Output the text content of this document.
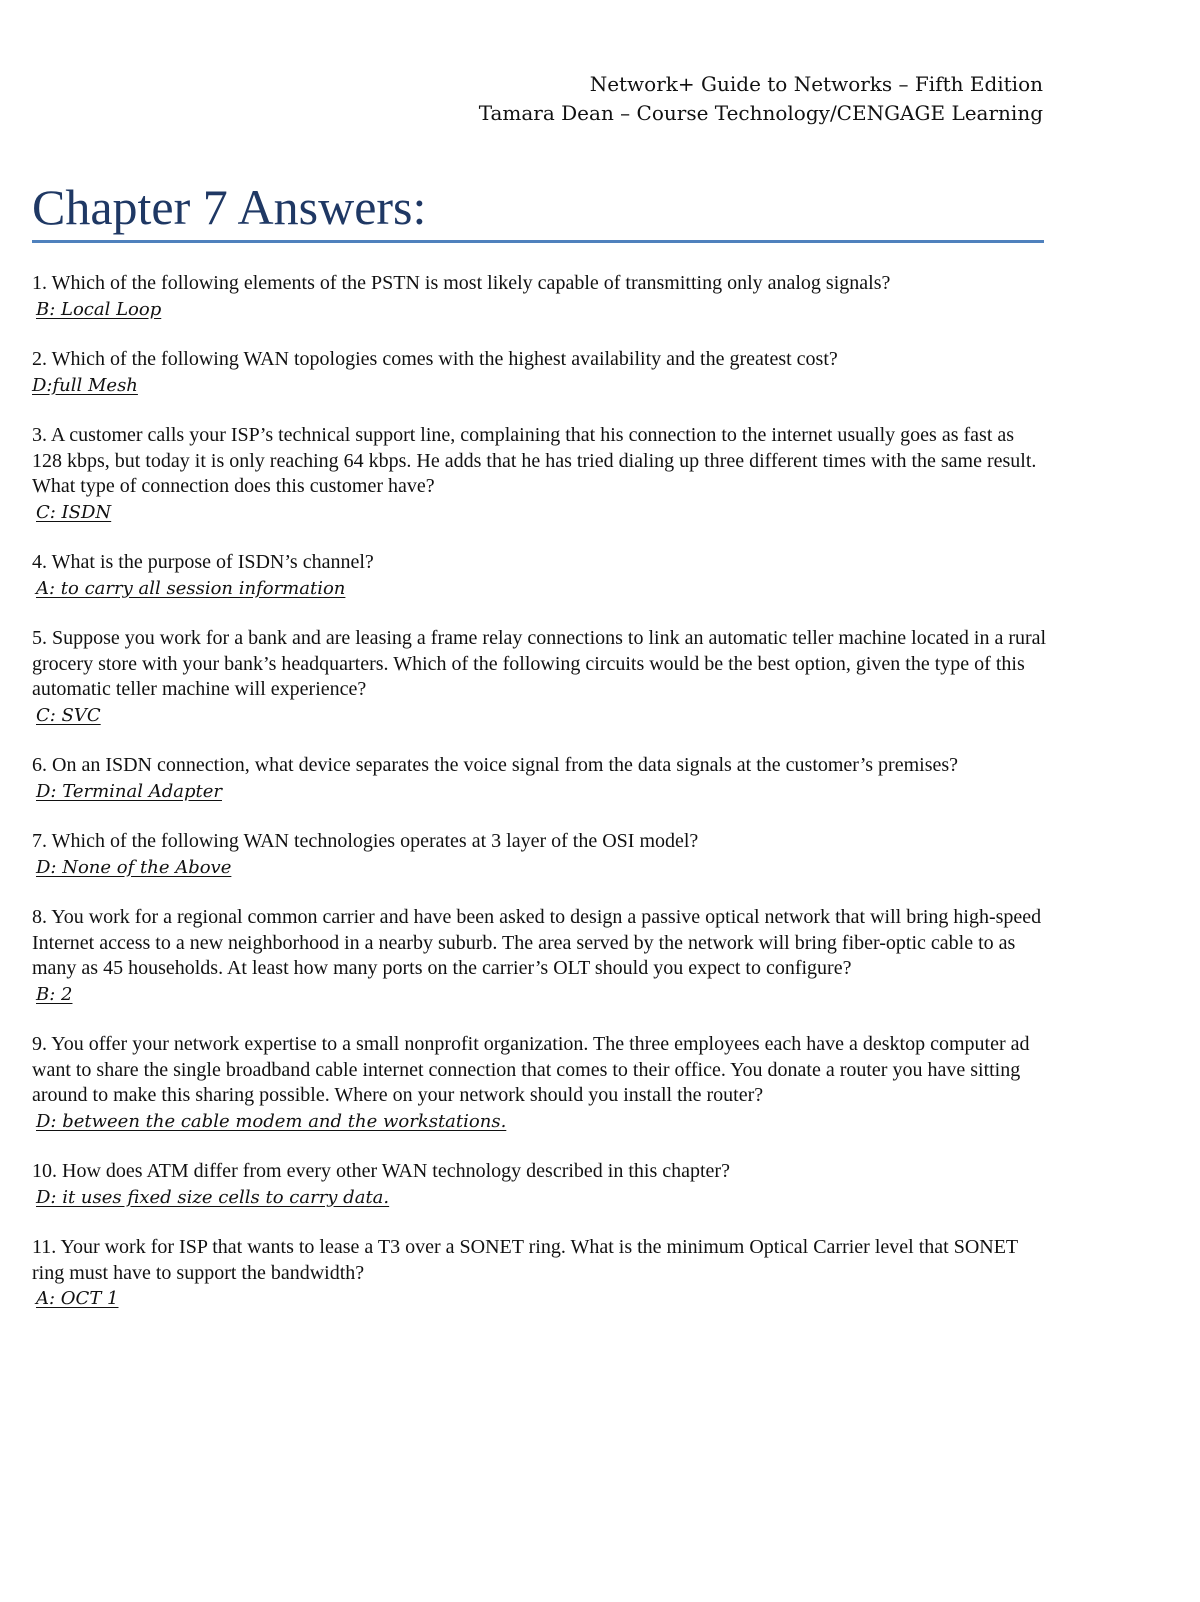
Network+ Guide to Networks – Fifth Edition
Tamara Dean – Course Technology/CENGAGE Learning
Chapter 7 Answers:
1. Which of the following elements of the PSTN is most likely capable of transmitting only analog signals?
B: Local Loop
2. Which of the following WAN topologies comes with the highest availability and the greatest cost?
D:full Mesh
3. A customer calls your ISP’s technical support line, complaining that his connection to the internet usually goes as fast as 128 kbps, but today it is only reaching 64 kbps. He adds that he has tried dialing up three different times with the same result. What type of connection does this customer have?
C: ISDN
4. What is the purpose of ISDN’s channel?
A: to carry all session information
5. Suppose you work for a bank and are leasing a frame relay connections to link an automatic teller machine located in a rural grocery store with your bank’s headquarters. Which of the following circuits would be the best option, given the type of this automatic teller machine will experience?
C: SVC
6. On an ISDN connection, what device separates the voice signal from the data signals at the customer’s premises?
D: Terminal Adapter
7. Which of the following WAN technologies operates at 3 layer of the OSI model?
D: None of the Above
8. You work for a regional common carrier and have been asked to design a passive optical network that will bring high-speed Internet access to a new neighborhood in a nearby suburb. The area served by the network will bring fiber-optic cable to as many as 45 households. At least how many ports on the carrier’s OLT should you expect to configure?
B: 2
9. You offer your network expertise to a small nonprofit organization. The three employees each have a desktop computer ad want to share the single broadband cable internet connection that comes to their office. You donate a router you have sitting around to make this sharing possible. Where on your network should you install the router?
D: between the cable modem and the workstations.
10. How does ATM differ from every other WAN technology described in this chapter?
D: it uses fixed size cells to carry data.
11. Your work for ISP that wants to lease a T3 over a SONET ring. What is the minimum Optical Carrier level that SONET ring must have to support the bandwidth?
A: OCT 1
